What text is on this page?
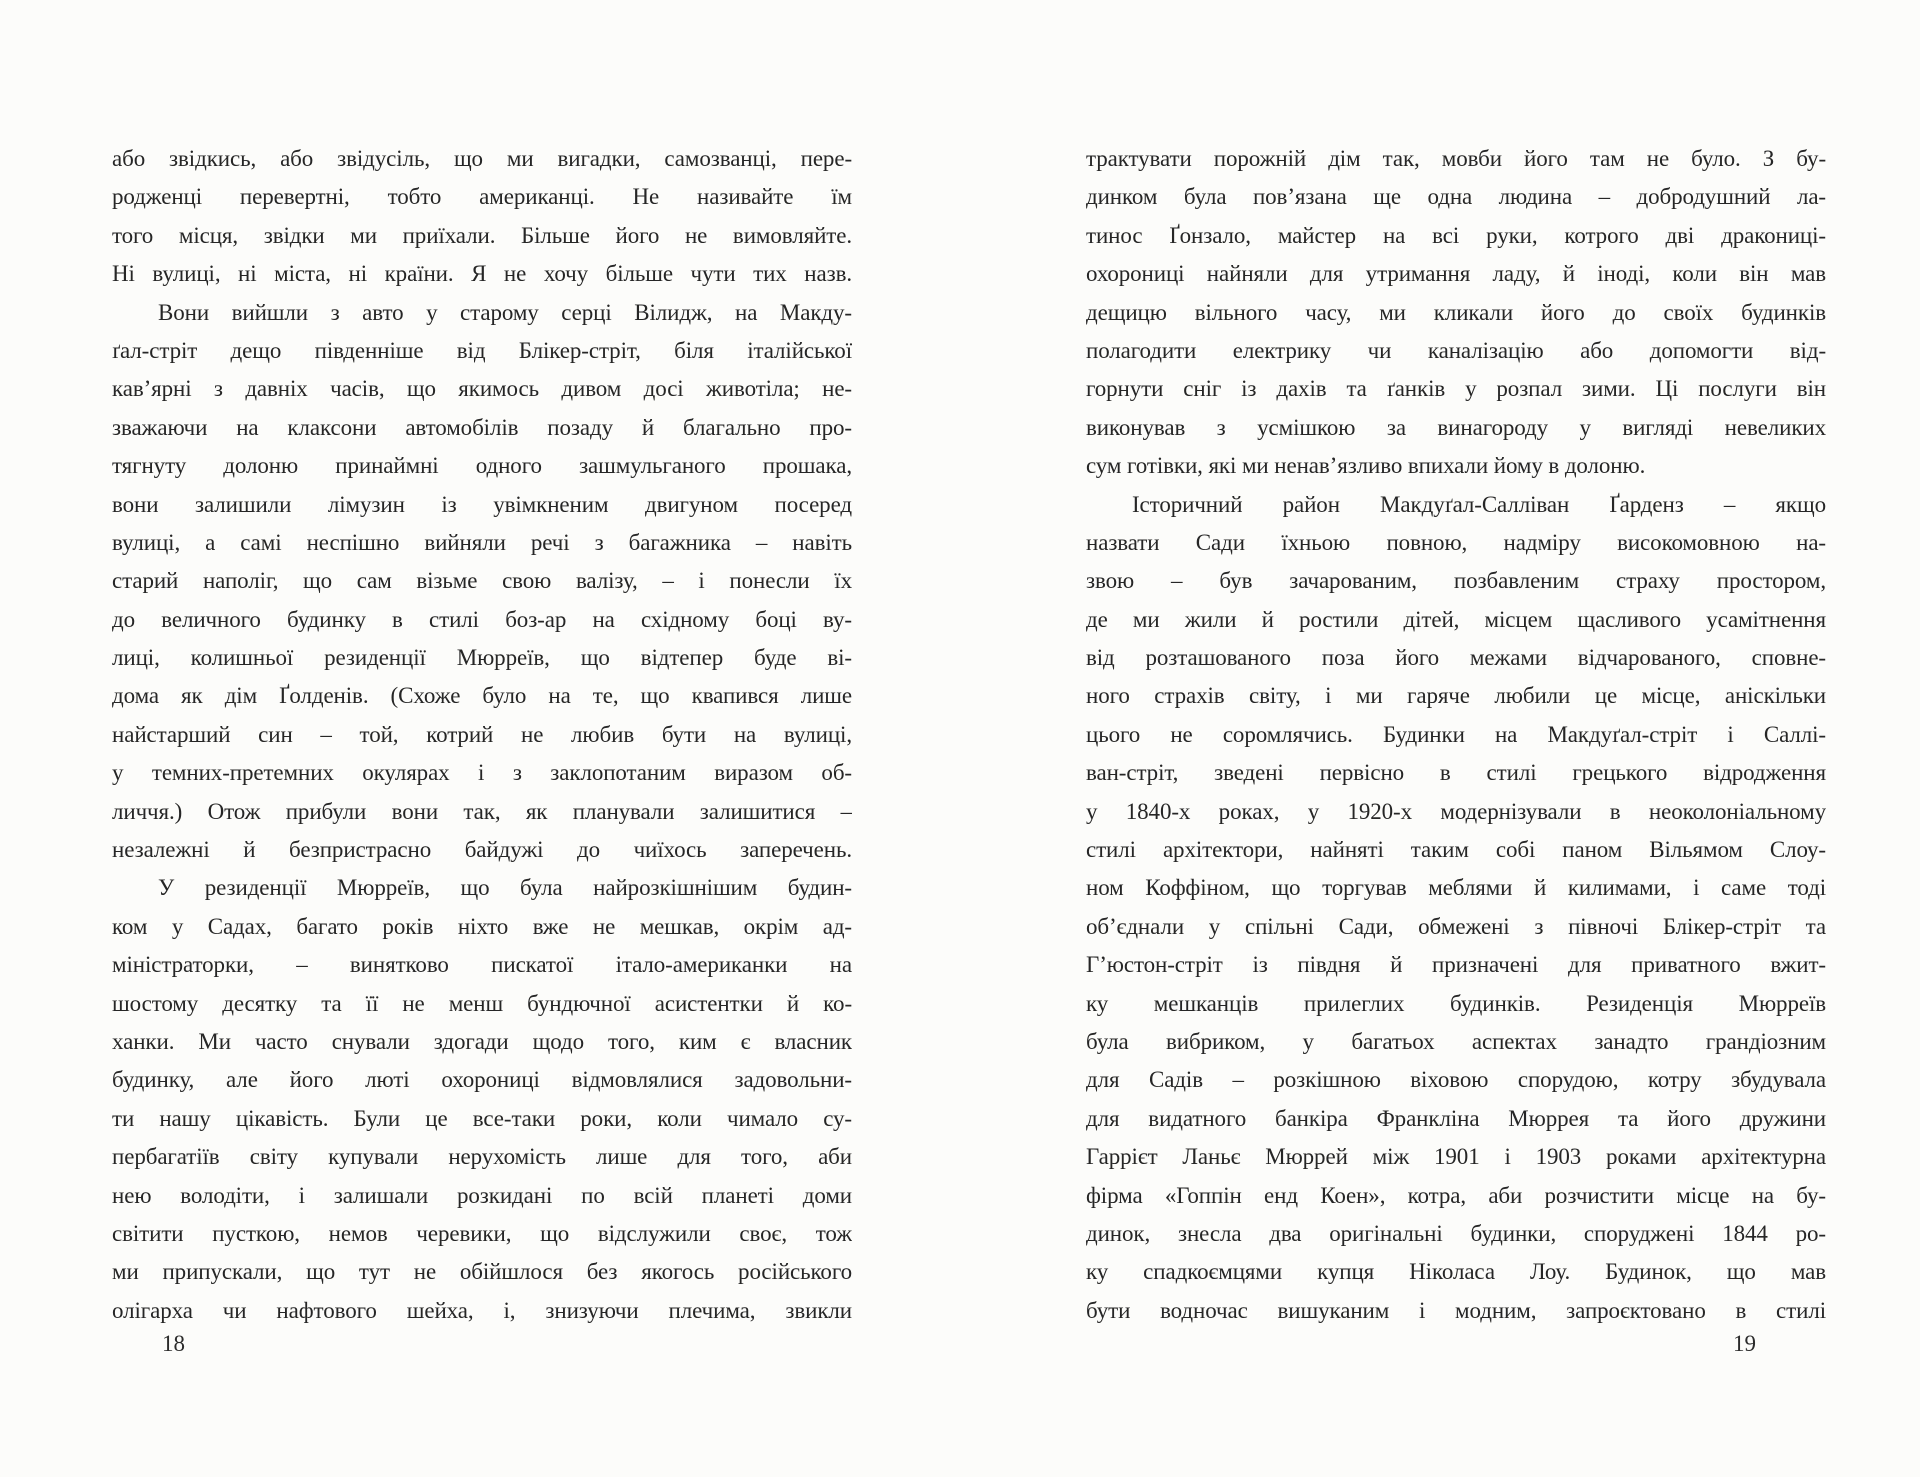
або звідкись, або звідусіль, що ми вигадки, самозванці, пере-
родженці перевертні, тобто американці. Не називайте їм
того місця, звідки ми приїхали. Більше його не вимовляйте.
Ні вулиці, ні міста, ні країни. Я не хочу більше чути тих назв.

Вони вийшли з авто у старому серці Вілидж, на Макду-
ґал-стріт дещо південніше від Блікер-стріт, біля італійської
кав’ярні з давніх часів, що якимось дивом досі животіла; не-
зважаючи на клаксони автомобілів позаду й благально про-
тягнуту долоню принаймні одного зашмульганого прошака,
вони залишили лімузин із увімкненим двигуном посеред
вулиці, а самі неспішно вийняли речі з багажника – навіть
старий наполіг, що сам візьме свою валізу, – і понесли їх
до величного будинку в стилі боз-ар на східному боці ву-
лиці, колишньої резиденції Мюрреїв, що відтепер буде ві-
дома як дім Ґолденів. (Схоже було на те, що квапився лише
найстарший син – той, котрий не любив бути на вулиці,
у темних-претемних окулярах і з заклопотаним виразом об-
личчя.) Отож прибули вони так, як планували залишитися –
незалежні й безпристрасно байдужі до чиїхось заперечень.

У резиденції Мюрреїв, що була найрозкішнішим будин-
ком у Садах, багато років ніхто вже не мешкав, окрім ад-
міністраторки, – винятково пискатої італо-американки на
шостому десятку та її не менш бундючної асистентки й ко-
ханки. Ми часто снували здогади щодо того, ким є власник
будинку, але його люті охорониці відмовлялися задовольни-
ти нашу цікавість. Були це все-таки роки, коли чимало су-
пербагатіїв світу купували нерухомість лише для того, аби
нею володіти, і залишали розкидані по всій планеті доми
світити пусткою, немов черевики, що відслужили своє, тож
ми припускали, що тут не обійшлося без якогось російського
олігарха чи нафтового шейха, і, знизуючи плечима, звикли

18

трактувати порожній дім так, мовби його там не було. З бу-
динком була пов’язана ще одна людина – добродушний ла-
тинос Ґонзало, майстер на всі руки, котрого дві дракониці-
охорониці найняли для утримання ладу, й іноді, коли він мав
дещицю вільного часу, ми кликали його до своїх будинків
полагодити електрику чи каналізацію або допомогти від-
горнути сніг із дахів та ґанків у розпал зими. Ці послуги він
виконував з усмішкою за винагороду у вигляді невеликих
сум готівки, які ми ненав’язливо впихали йому в долоню.

Історичний район Макдуґал-Салліван Ґарденз – якщо
назвати Сади їхньою повною, надміру високомовною на-
звою – був зачарованим, позбавленим страху простором,
де ми жили й ростили дітей, місцем щасливого усамітнення
від розташованого поза його межами відчарованого, сповне-
ного страхів світу, і ми гаряче любили це місце, аніскільки
цього не соромлячись. Будинки на Макдуґал-стріт і Саллі-
ван-стріт, зведені первісно в стилі грецького відродження
у 1840-х роках, у 1920-х модернізували в неоколоніальному
стилі архітектори, найняті таким собі паном Вільямом Слоу-
ном Коффіном, що торгував меблями й килимами, і саме тоді
об’єднали у спільні Сади, обмежені з півночі Блікер-стріт та
Г’юстон-стріт із півдня й призначені для приватного вжит-
ку мешканців прилеглих будинків. Резиденція Мюрреїв
була вибриком, у багатьох аспектах занадто грандіозним
для Садів – розкішною віховою спорудою, котру збудувала
для видатного банкіра Франкліна Мюррея та його дружини
Гаррієт Ланьє Мюррей між 1901 і 1903 роками архітектурна
фірма «Гоппін енд Коен», котра, аби розчистити місце на бу-
динок, знесла два оригінальні будинки, споруджені 1844 ро-
ку спадкоємцями купця Ніколаса Лоу. Будинок, що мав
бути водночас вишуканим і модним, запроєктовано в стилі

19
